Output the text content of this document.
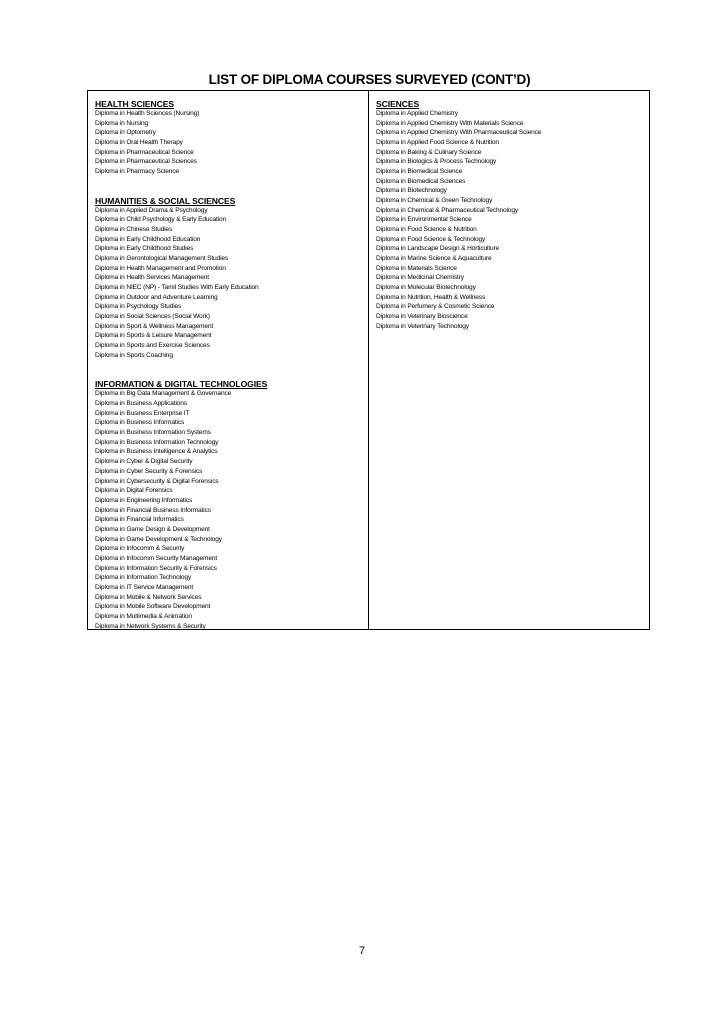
LIST OF DIPLOMA COURSES SURVEYED (CONT’D)
HEALTH SCIENCES
Diploma in Health Sciences (Nursing)
Diploma in Nursing
Diploma in Optometry
Diploma in Oral Health Therapy
Diploma in Pharmaceutical Science
Diploma in Pharmaceutical Sciences
Diploma in Pharmacy Science
HUMANITIES & SOCIAL SCIENCES
Diploma in Applied Drama & Psychology
Diploma in Child Psychology & Early Education
Diploma in Chinese Studies
Diploma in Early Childhood Education
Diploma in Early Childhood Studies
Diploma in Gerontological Management Studies
Diploma in Health Management and Promotion
Diploma in Health Services Management
Diploma in NIEC (NP) - Tamil Studies With Early Education
Diploma in Outdoor and Adventure Learning
Diploma in Psychology Studies
Diploma in Social Sciences (Social Work)
Diploma in Sport & Wellness Management
Diploma in Sports & Leisure Management
Diploma in Sports and Exercise Sciences
Diploma in Sports Coaching
INFORMATION & DIGITAL TECHNOLOGIES
Diploma in Big Data Management & Governance
Diploma in Business Applications
Diploma in Business Enterprise IT
Diploma in Business Informatics
Diploma in Business Information Systems
Diploma in Business Information Technology
Diploma in Business Intelligence & Analytics
Diploma in Cyber & Digital Security
Diploma in Cyber Security & Forensics
Diploma in Cybersecurity & Digital Forensics
Diploma in Digital Forensics
Diploma in Engineering Informatics
Diploma in Financial Business Informatics
Diploma in Financial Informatics
Diploma in Game Design & Development
Diploma in Game Development & Technology
Diploma in Infocomm & Security
Diploma in Infocomm Security Management
Diploma in Information Security & Forensics
Diploma in Information Technology
Diploma in IT Service Management
Diploma in Mobile & Network Services
Diploma in Mobile Software Development
Diploma in Multimedia & Animation
Diploma in Network Systems & Security
SCIENCES
Diploma in Applied Chemistry
Diploma in Applied Chemistry With Materials Science
Diploma in Applied Chemistry With Pharmaceutical Science
Diploma in Applied Food Science & Nutrition
Diploma in Baking & Culinary Science
Diploma in Biologics & Process Technology
Diploma in Biomedical Science
Diploma in Biomedical Sciences
Diploma in Biotechnology
Diploma in Chemical & Green Technology
Diploma in Chemical & Pharmaceutical Technology
Diploma in Environmental Science
Diploma in Food Science & Nutrition
Diploma in Food Science & Technology
Diploma in Landscape Design & Horticulture
Diploma in Marine Science & Aquaculture
Diploma in Materials Science
Diploma in Medicinal Chemistry
Diploma in Molecular Biotechnology
Diploma in Nutrition, Health & Wellness
Diploma in Perfumery & Cosmetic Science
Diploma in Veterinary Bioscience
Diploma in Veterinary Technology
7
